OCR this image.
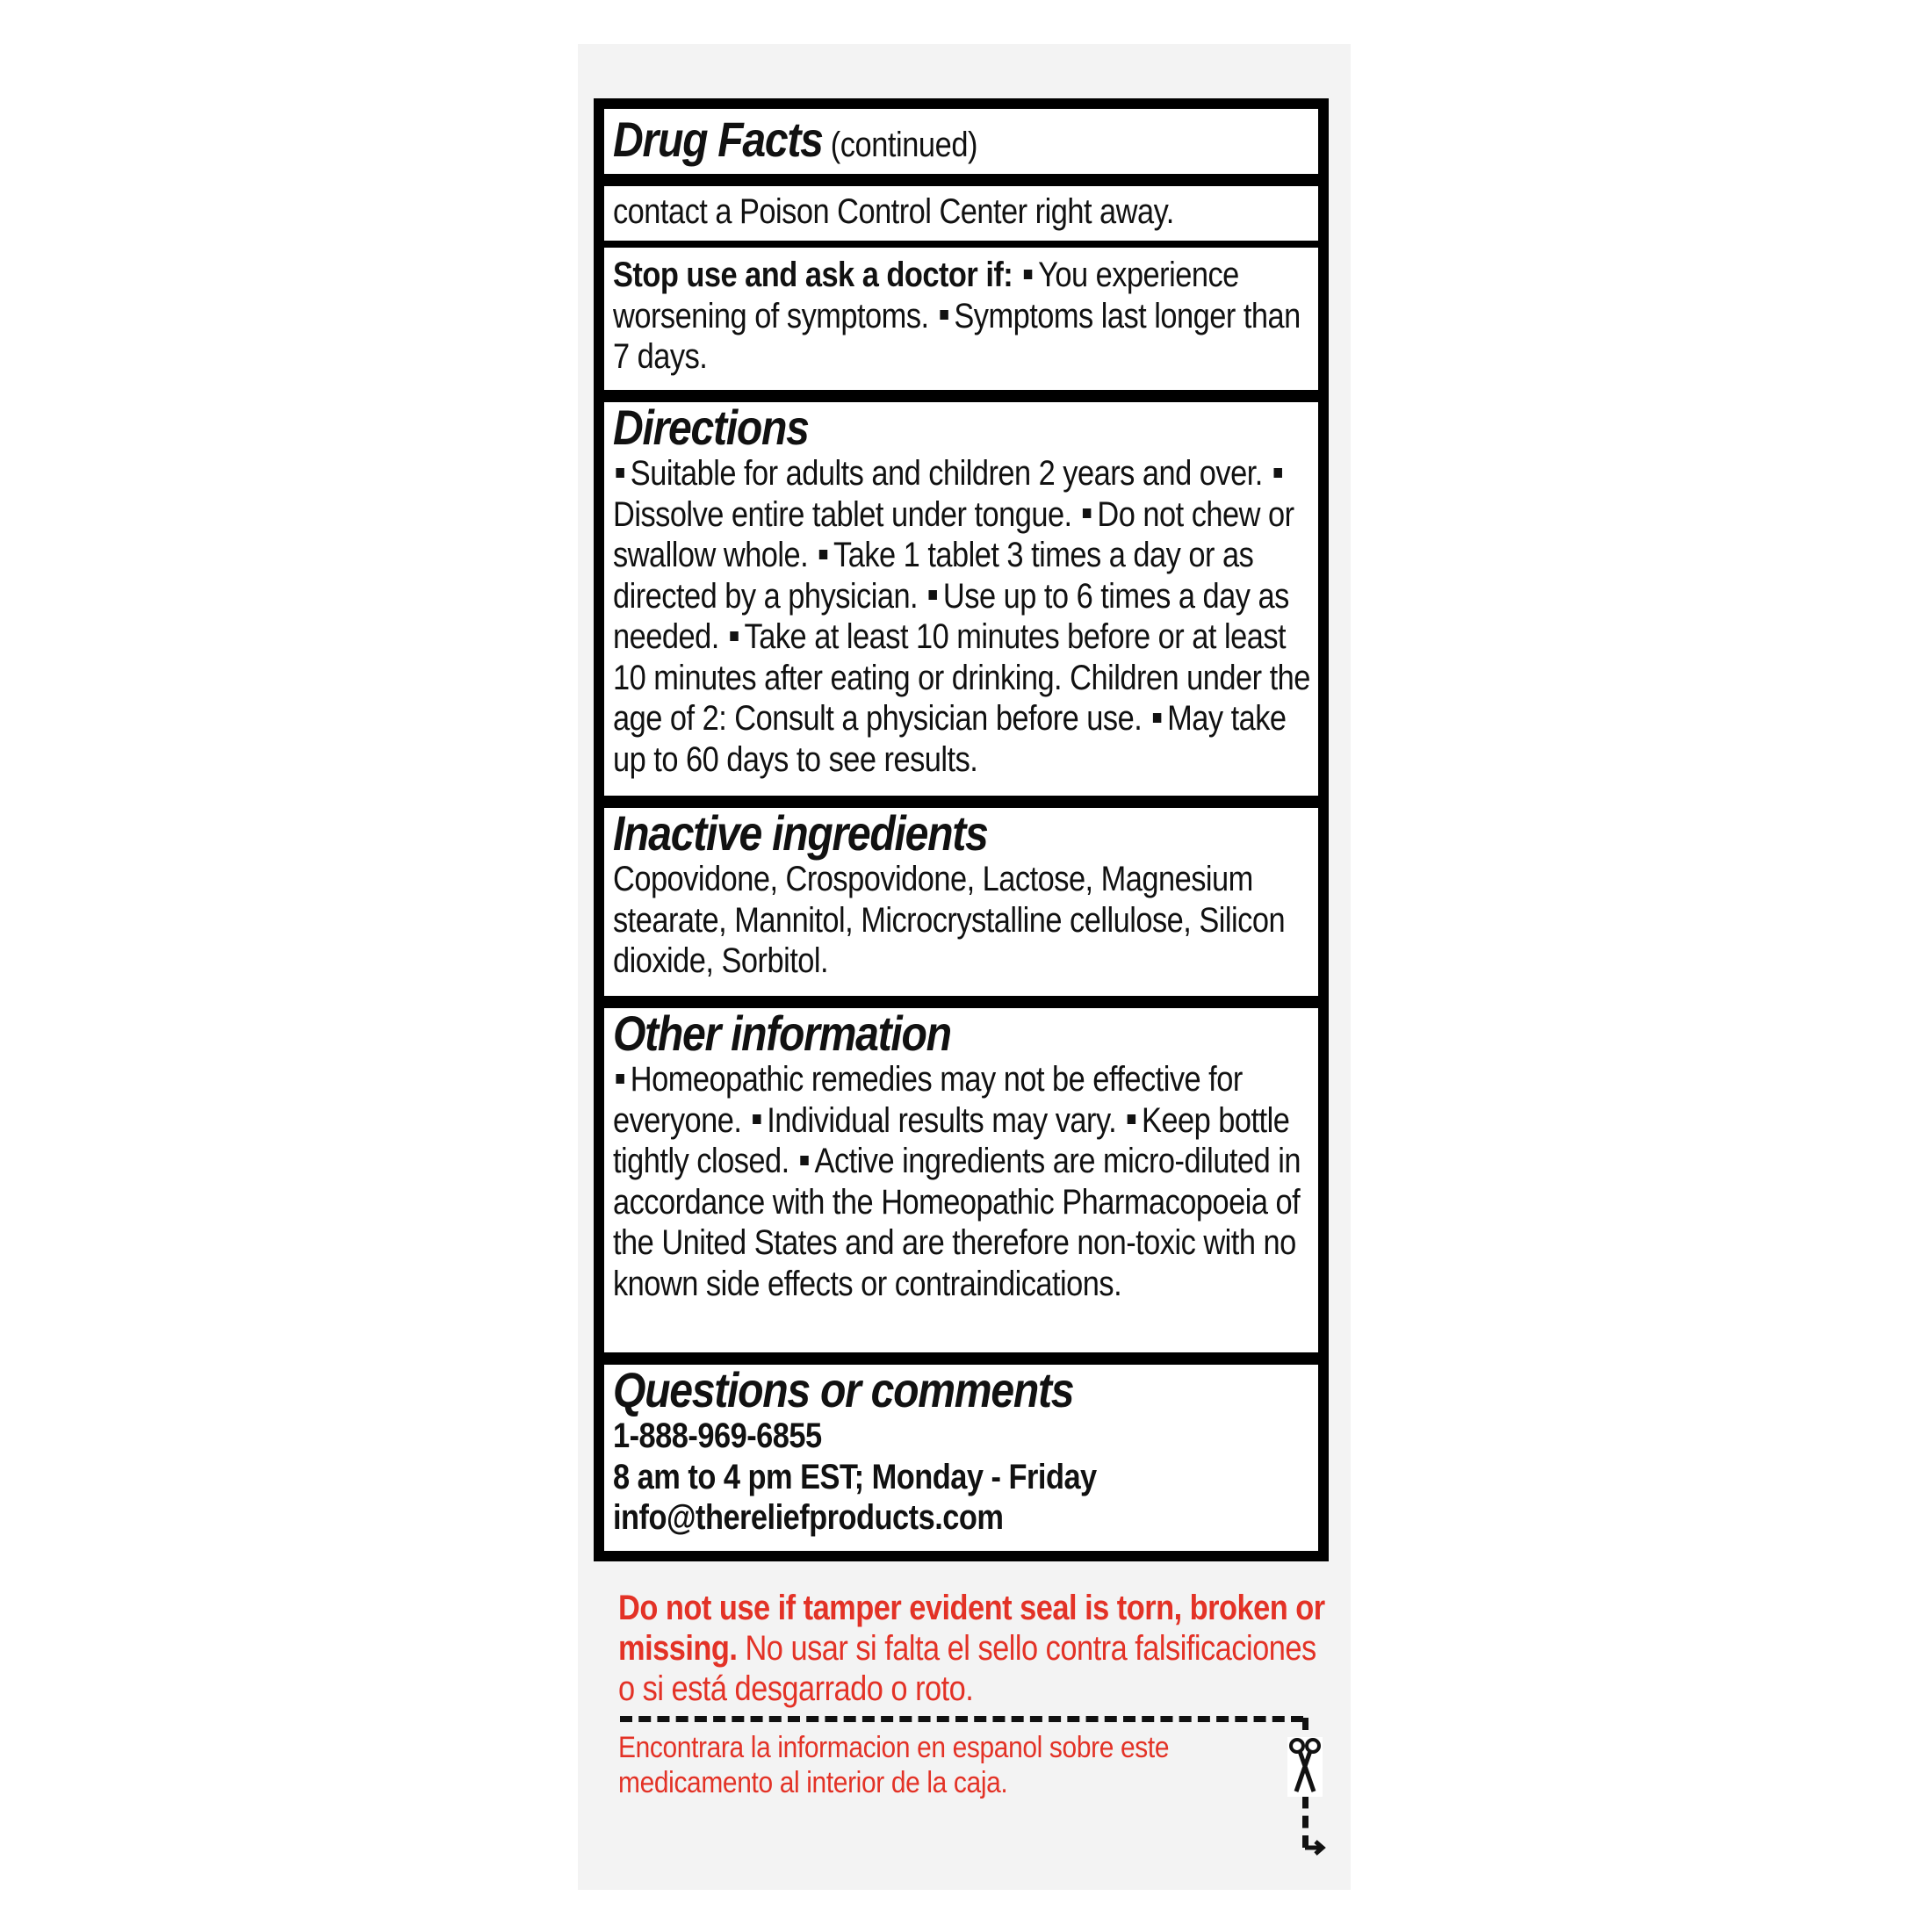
Drug Facts (continued)
contact a Poison Control Center right away.
Stop use and ask a doctor if: You experience worsening of symptoms. Symptoms last longer than 7 days.
Directions
Suitable for adults and children 2 years and over. Dissolve entire tablet under tongue. Do not chew or swallow whole. Take 1 tablet 3 times a day or as directed by a physician. Use up to 6 times a day as needed. Take at least 10 minutes before or at least 10 minutes after eating or drinking. Children under the age of 2: Consult a physician before use. May take up to 60 days to see results.
Inactive ingredients
Copovidone, Crospovidone, Lactose, Magnesium stearate, Mannitol, Microcrystalline cellulose, Silicon dioxide, Sorbitol.
Other information
Homeopathic remedies may not be effective for everyone. Individual results may vary. Keep bottle tightly closed. Active ingredients are micro-diluted in accordance with the Homeopathic Pharmacopoeia of the United States and are therefore non-toxic with no known side effects or contraindications.
Questions or comments
1-888-969-6855
8 am to 4 pm EST; Monday - Friday
info@thereliefproducts.com
Do not use if tamper evident seal is torn, broken or missing. No usar si falta el sello contra falsificaciones o si está desgarrado o roto.
Encontrara la informacion en espanol sobre este medicamento al interior de la caja.
